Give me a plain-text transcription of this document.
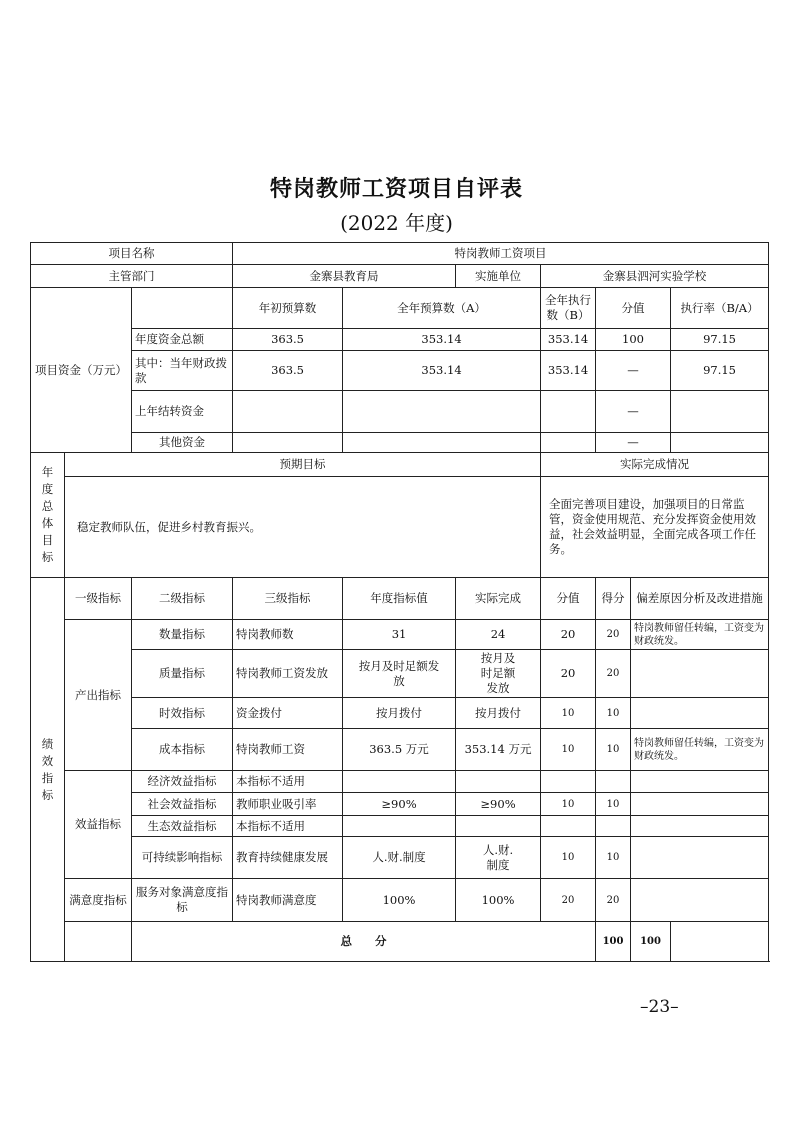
特岗教师工资项目自评表
(2022 年度)
项目名称			特岗教师工资项目						
主管部门			金寨县教育局		实施单位	金寨县泗河实验学校			
项目资金（万元）			年初预算数	全年预算数（A）		全年执行数（B）	分值		执行率（B/A）
		年度资金总额	363.5	353.14		353.14	100		97.15
		其中：当年财政拨款	363.5	353.14		353.14	—		97.15
		上年结转资金					—		
		其他资金					—		
年度总体目标	预期目标					实际完成情况			
	稳定教师队伍，促进乡村教育振兴。					全面完善项目建设，加强项目的日常监管，资金使用规范、充分发挥资金使用效益，社会效益明显，全面完成各项工作任务。			
绩效指标	一级指标	二级指标	三级指标	年度指标值	实际完成	分值	得分	偏差原因分析及改进措施	
	产出指标	数量指标	特岗教师数	31	24	20	20	特岗教师留任转编，工资变为财政统发。	
		质量指标	特岗教师工资发放	按月及时足额发放	按月及时足额发放	20	20		
		时效指标	资金拨付	按月拨付	按月拨付	10	10		
		成本指标	特岗教师工资	363.5 万元	353.14 万元	10	10	特岗教师留任转编，工资变为财政统发。	
	效益指标	经济效益指标	本指标不适用						
		社会效益指标	教师职业吸引率	≥90%	≥90%	10	10		
		生态效益指标	本指标不适用						
		可持续影响指标	教育持续健康发展	人.财.制度	人.财.制度	10	10		
	满意度指标	服务对象满意度指标	特岗教师满意度	100%	100%	20	20		
		总　　分					100	100	
–23–
